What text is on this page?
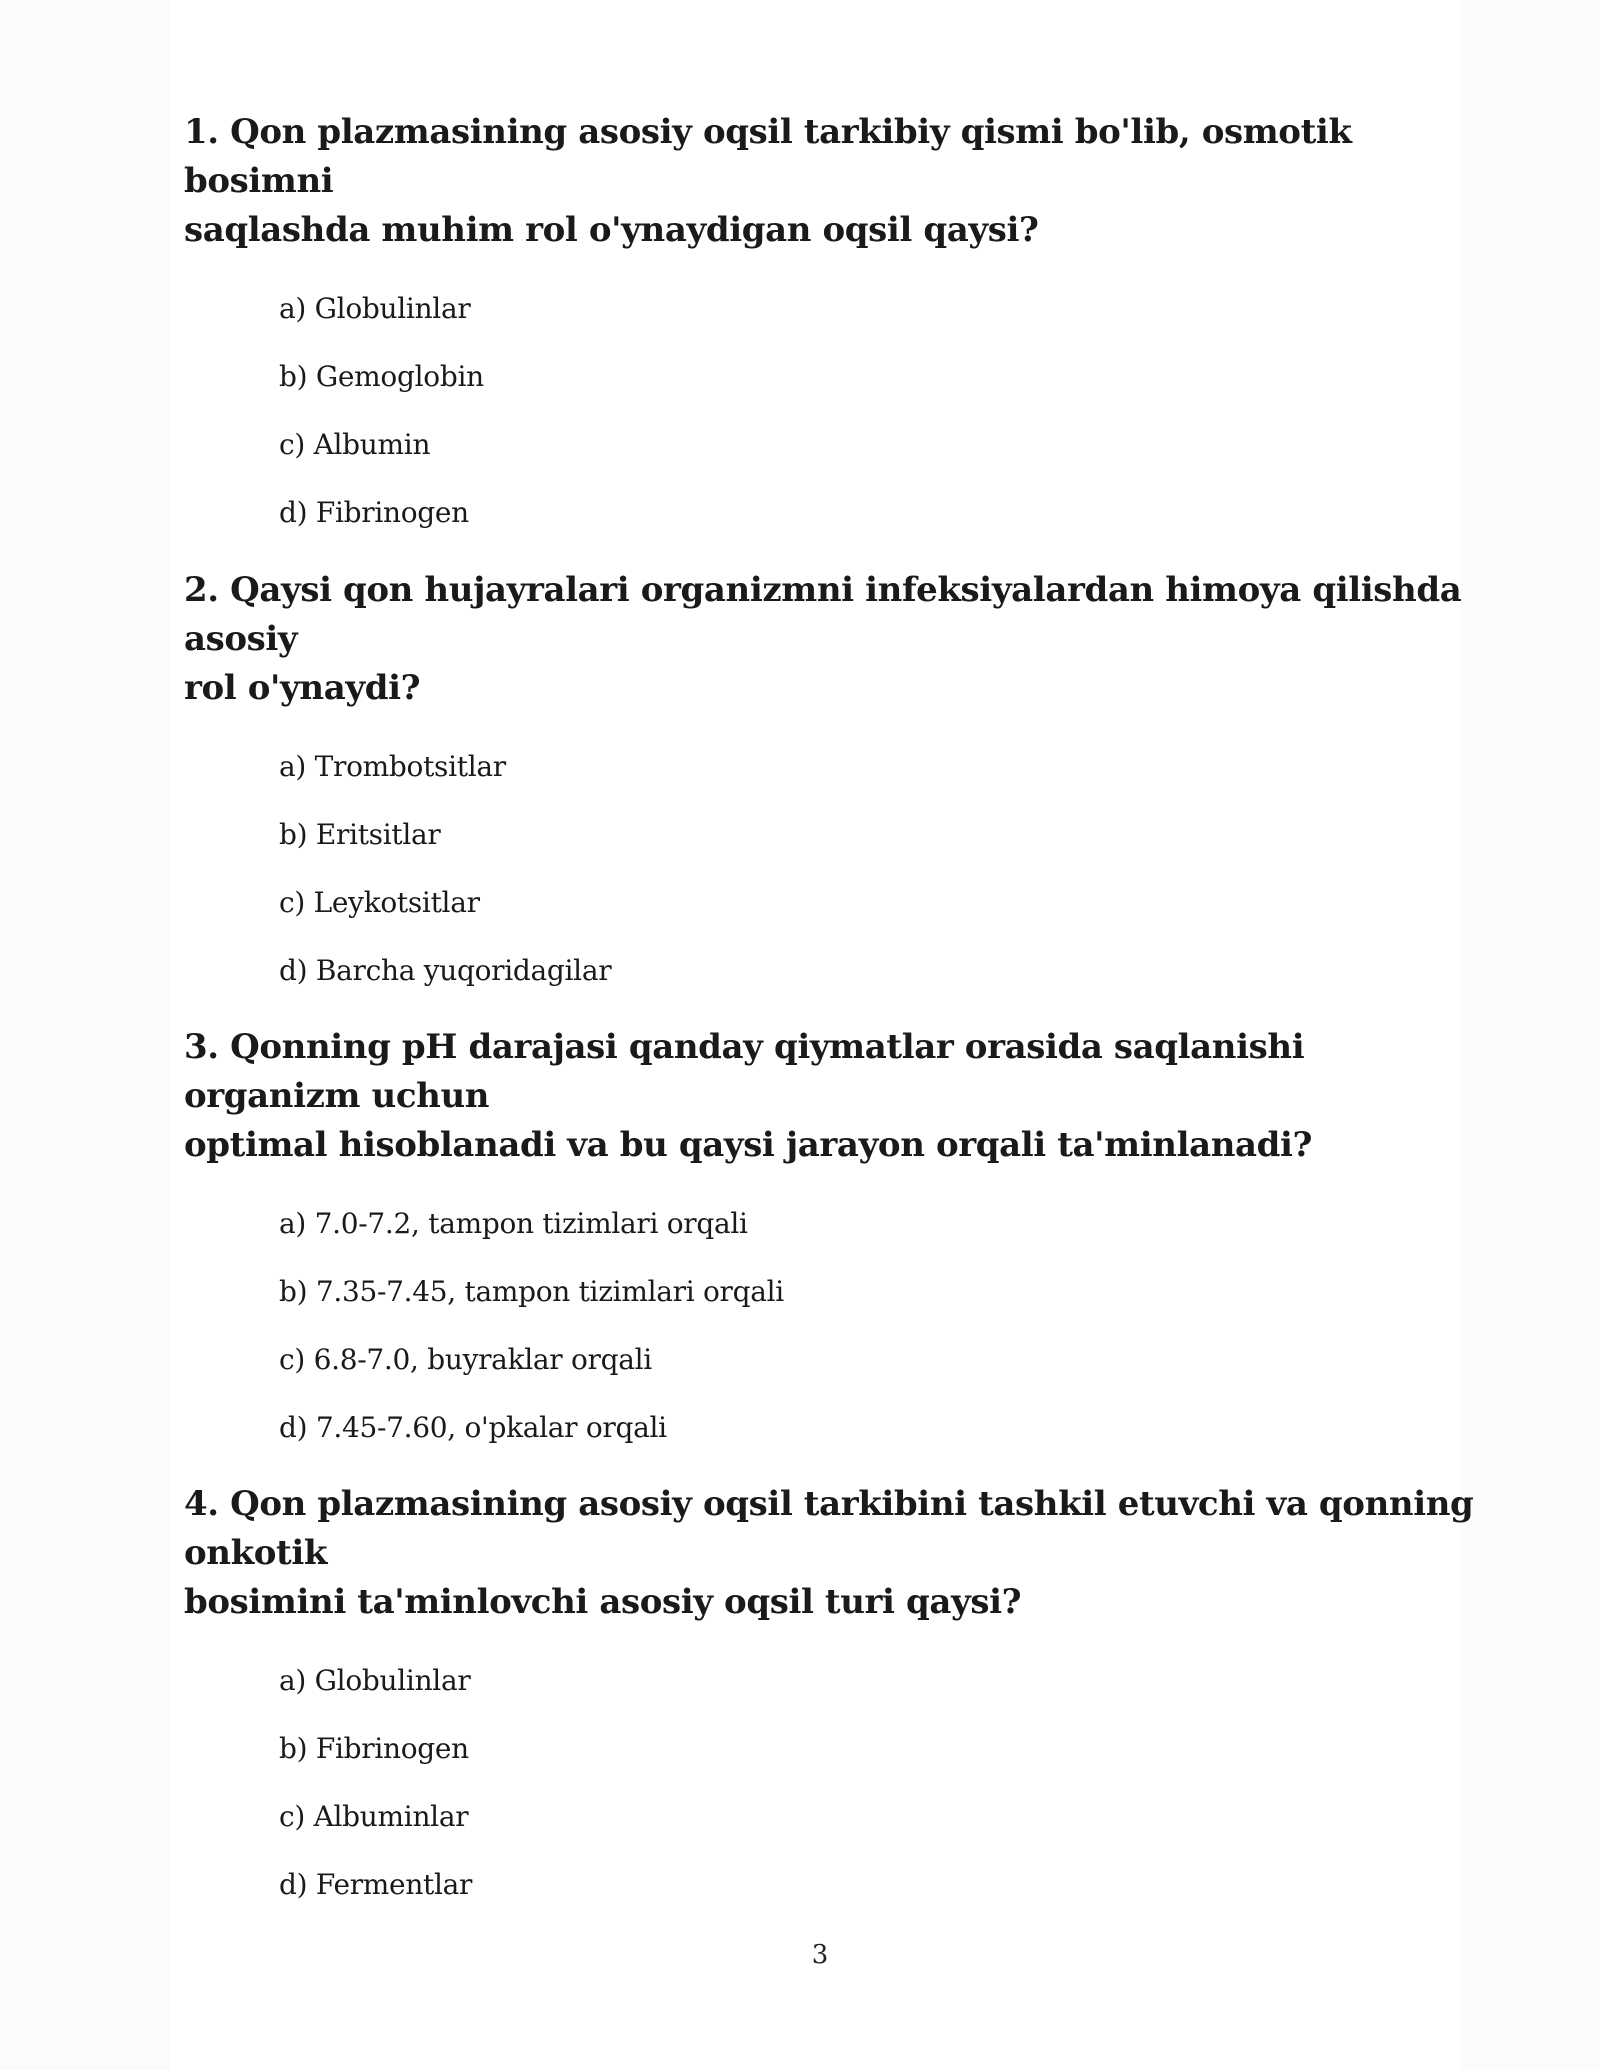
1. Qon plazmasining asosiy oqsil tarkibiy qismi bo'lib, osmotik bosimni
saqlashda muhim rol o'ynaydigan oqsil qaysi?

a) Globulinlar
b) Gemoglobin
c) Albumin
d) Fibrinogen

2. Qaysi qon hujayralari organizmni infeksiyalardan himoya qilishda asosiy
rol o'ynaydi?

a) Trombotsitlar
b) Eritsitlar
c) Leykotsitlar
d) Barcha yuqoridagilar

3. Qonning pH darajasi qanday qiymatlar orasida saqlanishi organizm uchun
optimal hisoblanadi va bu qaysi jarayon orqali ta'minlanadi?

a) 7.0-7.2, tampon tizimlari orqali
b) 7.35-7.45, tampon tizimlari orqali
c) 6.8-7.0, buyraklar orqali
d) 7.45-7.60, o'pkalar orqali

4. Qon plazmasining asosiy oqsil tarkibini tashkil etuvchi va qonning onkotik
bosimini ta'minlovchi asosiy oqsil turi qaysi?

a) Globulinlar
b) Fibrinogen
c) Albuminlar
d) Fermentlar
3
